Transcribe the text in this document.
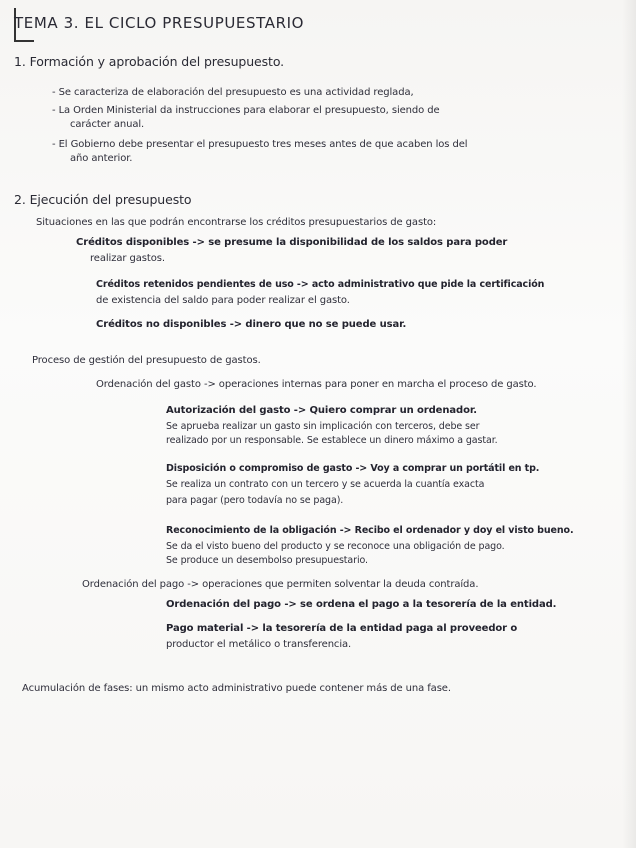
TEMA 3. EL CICLO PRESUPUESTARIO
1. Formación y aprobación del presupuesto.
- Se caracteriza de elaboración del presupuesto es una actividad reglada,
- La Orden Ministerial da instrucciones para elaborar el presupuesto, siendo de
carácter anual.
- El Gobierno debe presentar el presupuesto tres meses antes de que acaben los del
año anterior.
2. Ejecución del presupuesto
Situaciones en las que podrán encontrarse los créditos presupuestarios de gasto:
Créditos disponibles -> se presume la disponibilidad de los saldos para poder
realizar gastos.
Créditos retenidos pendientes de uso -> acto administrativo que pide la certificación
de existencia del saldo para poder realizar el gasto.
Créditos no disponibles -> dinero que no se puede usar.
Proceso de gestión del presupuesto de gastos.
Ordenación del gasto -> operaciones internas para poner en marcha el proceso de gasto.
Autorización del gasto -> Quiero comprar un ordenador.
Se aprueba realizar un gasto sin implicación con terceros, debe ser
realizado por un responsable. Se establece un dinero máximo a gastar.
Disposición o compromiso de gasto -> Voy a comprar un portátil en tp.
Se realiza un contrato con un tercero y se acuerda la cuantía exacta
para pagar (pero todavía no se paga).
Reconocimiento de la obligación -> Recibo el ordenador y doy el visto bueno.
Se da el visto bueno del producto y se reconoce una obligación de pago.
Se produce un desembolso presupuestario.
Ordenación del pago -> operaciones que permiten solventar la deuda contraída.
Ordenación del pago -> se ordena el pago a la tesorería de la entidad.
Pago material -> la tesorería de la entidad paga al proveedor o
productor el metálico o transferencia.
Acumulación de fases: un mismo acto administrativo puede contener más de una fase.
